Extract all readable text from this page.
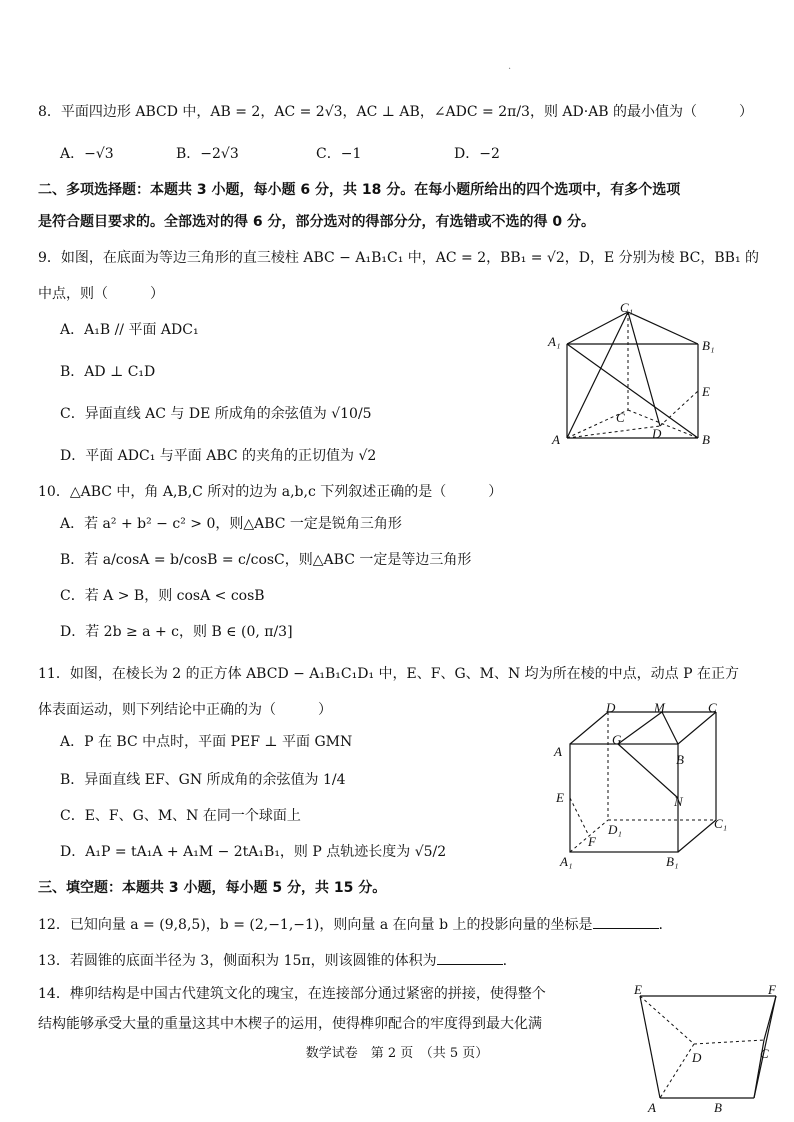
·
8．平面四边形 ABCD 中，AB = 2，AC = 2√3，AC ⊥ AB，∠ADC = 2π/3，则 AD·AB 的最小值为（　　　）
A．−√3	B．−2√3	C．−1	D．−2
二、多项选择题：本题共 3 小题，每小题 6 分，共 18 分。在每小题所给出的四个选项中，有多个选项
是符合题目要求的。全部选对的得 6 分，部分选对的得部分分，有选错或不选的得 0 分。
9．如图，在底面为等边三角形的直三棱柱 ABC − A₁B₁C₁ 中，AC = 2，BB₁ = √2，D，E 分别为棱 BC，BB₁ 的
中点，则（　　　）
A．A₁B // 平面 ADC₁
B．AD ⊥ C₁D
C．异面直线 AC 与 DE 所成角的余弦值为 √10/5
D．平面 ADC₁ 与平面 ABC 的夹角的正切值为 √2
C₁
A₁	B₁
E
C
D
A	B
10．△ABC 中，角 A,B,C 所对的边为 a,b,c 下列叙述正确的是（　　　）
A．若 a² + b² − c² > 0，则△ABC 一定是锐角三角形
B．若 a/cosA = b/cosB = c/cosC，则△ABC 一定是等边三角形
C．若 A > B，则 cosA < cosB
D．若 2b ≥ a + c，则 B ∈ (0, π/3]
11．如图，在棱长为 2 的正方体 ABCD − A₁B₁C₁D₁ 中，E、F、G、M、N 均为所在棱的中点，动点 P 在正方
体表面运动，则下列结论中正确的为（　　　）
A．P 在 BC 中点时，平面 PEF ⊥ 平面 GMN
B．异面直线 EF、GN 所成角的余弦值为 1/4
C．E、F、G、M、N 在同一个球面上
D．A₁P = tA₁A + A₁M − 2tA₁B₁，则 P 点轨迹长度为 √5/2
D	M	C
A
G
B
E	N
D₁	C₁
F
A₁	B₁
三、填空题：本题共 3 小题，每小题 5 分，共 15 分。
12．已知向量 a = (9,8,5)，b = (2,−1,−1)，则向量 a 在向量 b 上的投影向量的坐标是	.
13．若圆锥的底面半径为 3，侧面积为 15π，则该圆锥的体积为	.
14．榫卯结构是中国古代建筑文化的瑰宝，在连接部分通过紧密的拼接，使得整个
结构能够承受大量的重量这其中木楔子的运用，使得榫卯配合的牢度得到最大化满
E	F
D	C
A	B
数学试卷　第 2 页　（共 5 页）
